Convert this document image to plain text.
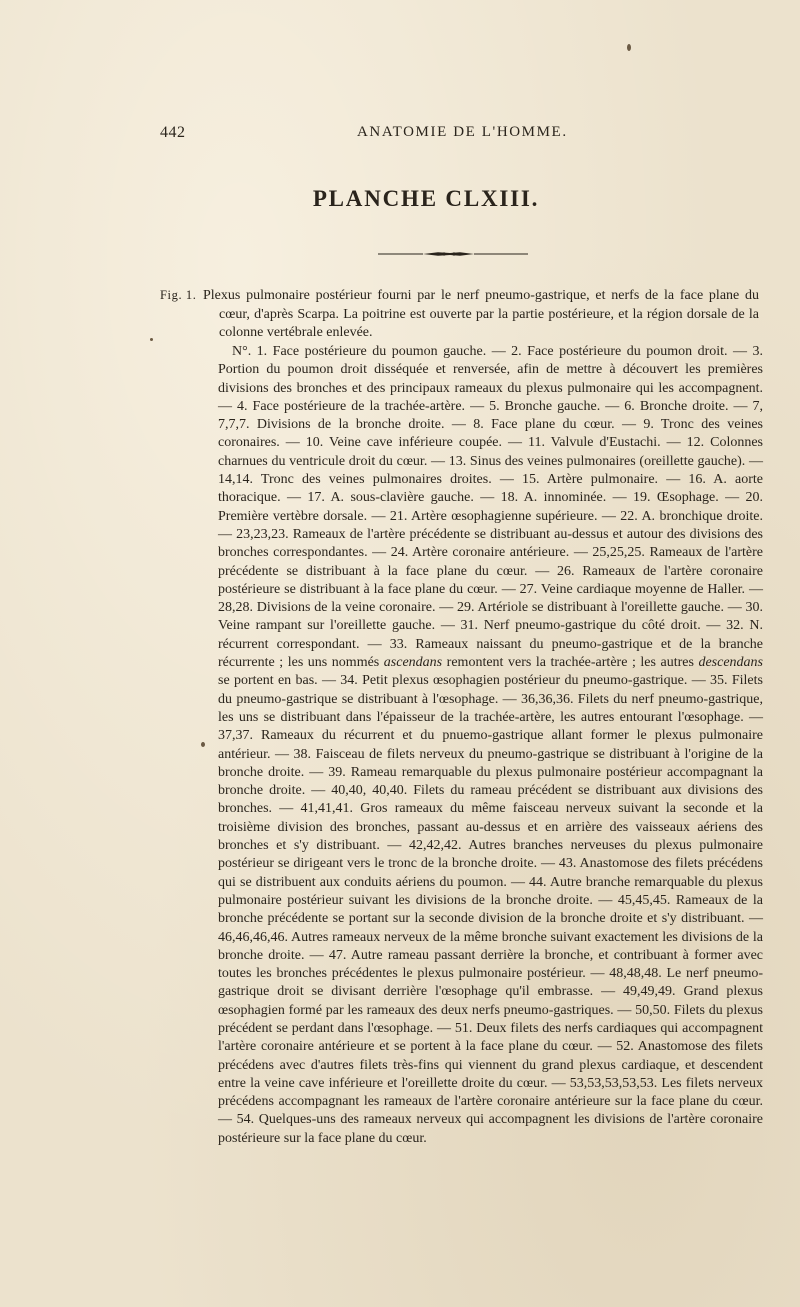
442	ANATOMIE DE L'HOMME.
PLANCHE CLXIII.
Fig. 1. Plexus pulmonaire postérieur fourni par le nerf pneumo-gastrique, et nerfs de la face plane du cœur, d'après Scarpa. La poitrine est ouverte par la partie postérieure, et la région dorsale de la colonne vertébrale enlevée.
N°. 1. Face postérieure du poumon gauche. — 2. Face postérieure du poumon droit. — 3. Portion du poumon droit disséquée et renversée, afin de mettre à découvert les premières divisions des bronches et des principaux rameaux du plexus pulmonaire qui les accompagnent. — 4. Face postérieure de la trachée-artère. — 5. Bronche gauche. — 6. Bronche droite. — 7, 7,7,7. Divisions de la bronche droite. — 8. Face plane du cœur. — 9. Tronc des veines coronaires. — 10. Veine cave inférieure coupée. — 11. Valvule d'Eustachi. — 12. Colonnes charnues du ventricule droit du cœur. — 13. Sinus des veines pulmonaires (oreillette gauche). — 14,14. Tronc des veines pulmonaires droites. — 15. Artère pulmonaire. — 16. A. aorte thoracique. — 17. A. sous-clavière gauche. — 18. A. innominée. — 19. Œsophage. — 20. Première vertèbre dorsale. — 21. Artère œsophagienne supérieure. — 22. A. bronchique droite. — 23,23,23. Rameaux de l'artère précédente se distribuant au-dessus et autour des divisions des bronches correspondantes. — 24. Artère coronaire antérieure. — 25,25,25. Rameaux de l'artère précédente se distribuant à la face plane du cœur. — 26. Rameaux de l'artère coronaire postérieure se distribuant à la face plane du cœur. — 27. Veine cardiaque moyenne de Haller. — 28,28. Divisions de la veine coronaire. — 29. Artériole se distribuant à l'oreillette gauche. — 30. Veine rampant sur l'oreillette gauche. — 31. Nerf pneumo-gastrique du côté droit. — 32. N. récurrent correspondant. — 33. Rameaux naissant du pneumo-gastrique et de la branche récurrente ; les uns nommés ascendans remontent vers la trachée-artère ; les autres descendans se portent en bas. — 34. Petit plexus œsophagien postérieur du pneumo-gastrique. — 35. Filets du pneumo-gastrique se distribuant à l'œsophage. — 36,36,36. Filets du nerf pneumo-gastrique, les uns se distribuant dans l'épaisseur de la trachée-artère, les autres entourant l'œsophage. — 37,37. Rameaux du récurrent et du pnuemo-gastrique allant former le plexus pulmonaire antérieur. — 38. Faisceau de filets nerveux du pneumo-gastrique se distribuant à l'origine de la bronche droite. — 39. Rameau remarquable du plexus pulmonaire postérieur accompagnant la bronche droite. — 40,40, 40,40. Filets du rameau précédent se distribuant aux divisions des bronches. — 41,41,41. Gros rameaux du même faisceau nerveux suivant la seconde et la troisième division des bronches, passant au-dessus et en arrière des vaisseaux aériens des bronches et s'y distribuant. — 42,42,42. Autres branches nerveuses du plexus pulmonaire postérieur se dirigeant vers le tronc de la bronche droite. — 43. Anastomose des filets précédens qui se distribuent aux conduits aériens du poumon. — 44. Autre branche remarquable du plexus pulmonaire postérieur suivant les divisions de la bronche droite. — 45,45,45. Rameaux de la bronche précédente se portant sur la seconde division de la bronche droite et s'y distribuant. — 46,46,46,46. Autres rameaux nerveux de la même bronche suivant exactement les divisions de la bronche droite. — 47. Autre rameau passant derrière la bronche, et contribuant à former avec toutes les bronches précédentes le plexus pulmonaire postérieur. — 48,48,48. Le nerf pneumo-gastrique droit se divisant derrière l'œsophage qu'il embrasse. — 49,49,49. Grand plexus œsophagien formé par les rameaux des deux nerfs pneumo-gastriques. — 50,50. Filets du plexus précédent se perdant dans l'œsophage. — 51. Deux filets des nerfs cardiaques qui accompagnent l'artère coronaire antérieure et se portent à la face plane du cœur. — 52. Anastomose des filets précédens avec d'autres filets très-fins qui viennent du grand plexus cardiaque, et descendent entre la veine cave inférieure et l'oreillette droite du cœur. — 53,53,53,53,53. Les filets nerveux précédens accompagnant les rameaux de l'artère coronaire antérieure sur la face plane du cœur. — 54. Quelques-uns des rameaux nerveux qui accompagnent les divisions de l'artère coronaire postérieure sur la face plane du cœur.
